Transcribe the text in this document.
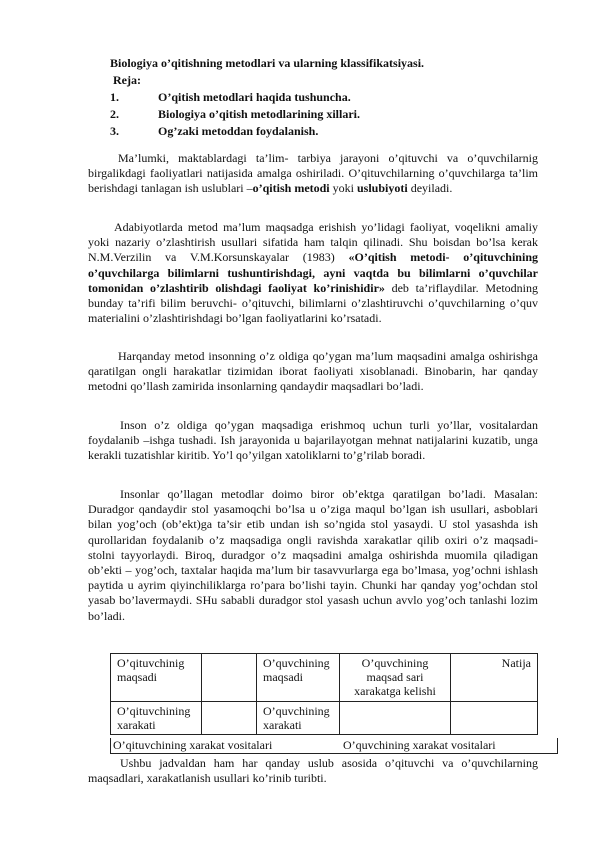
Biologiya o’qitishning metodlari va ularning klassifikatsiyasi.
Reja:
1.	O’qitish metodlari haqida tushuncha.
2.	Biologiya o’qitish metodlarining xillari.
3.	Og’zaki metoddan foydalanish.

Ma’lumki, maktablardagi ta’lim- tarbiya jarayoni o’qituvchi va o’quvchilarnig birgalikdagi faoliyatlari natijasida amalga oshiriladi. O’qituvchilarning o’quvchilarga ta’lim berishdagi tanlagan ish uslublari –o’qitish metodi yoki uslubiyoti deyiladi.

Adabiyotlarda metod ma’lum maqsadga erishish yo’lidagi faoliyat, voqelikni amaliy yoki nazariy o’zlashtirish usullari sifatida ham talqin qilinadi. Shu boisdan bo’lsa kerak N.M.Verzilin va V.M.Korsunskayalar (1983) «O’qitish metodi- o’qituvchining o’quvchilarga bilimlarni tushuntirishdagi, ayni vaqtda bu bilimlarni o’quvchilar tomonidan o’zlashtirib olishdagi faoliyat ko’rinishidir» deb ta’riflaydilar. Metodning bunday ta’rifi bilim beruvchi- o’qituvchi, bilimlarni o’zlashtiruvchi o’quvchilarning o’quv materialini o’zlashtirishdagi bo’lgan faoliyatlarini ko’rsatadi.

Harqanday metod insonning o’z oldiga qo’ygan ma’lum maqsadini amalga oshirishga qaratilgan ongli harakatlar tizimidan iborat faoliyati xisoblanadi. Binobarin, har qanday metodni qo’llash zamirida insonlarning qandaydir maqsadlari bo’ladi.

Inson o’z oldiga qo’ygan maqsadiga erishmoq uchun turli yo’llar, vositalardan foydalanib –ishga tushadi. Ish jarayonida u bajarilayotgan mehnat natijalarini kuzatib, unga kerakli tuzatishlar kiritib. Yo’l qo’yilgan xatoliklarni to’g’rilab boradi.

Insonlar qo’llagan metodlar doimo biror ob’ektga qaratilgan bo’ladi. Masalan: Duradgor qandaydir stol yasamoqchi bo’lsa u o’ziga maqul bo’lgan ish usullari, asboblari bilan yog’och (ob’ekt)ga ta’sir etib undan ish so’ngida stol yasaydi. U stol yasashda ish qurollaridan foydalanib o’z maqsadiga ongli ravishda xarakatlar qilib oxiri o’z maqsadi- stolni tayyorlaydi. Biroq, duradgor o’z maqsadini amalga oshirishda muomila qiladigan ob’ekti – yog’och, taxtalar haqida ma’lum bir tasavvurlarga ega bo’lmasa, yog’ochni ishlash paytida u ayrim qiyinchiliklarga ro’para bo’lishi tayin. Chunki har qanday yog’ochdan stol yasab bo’lavermaydi. SHu sababli duradgor stol yasash uchun avvlo yog’och tanlashi lozim bo’ladi.

O’qituvchinig maqsadi		O’quvchining maqsadi	O’quvchining maqsad sari xarakatga kelishi	Natija
O’qituvchining xarakati		O’quvchining xarakati		
O’qituvchining xarakat vositalari	O’quvchining xarakat vositalari

Ushbu jadvaldan ham har qanday uslub asosida o’qituvchi va o’quvchilarning maqsadlari, xarakatlanish usullari ko’rinib turibti.
